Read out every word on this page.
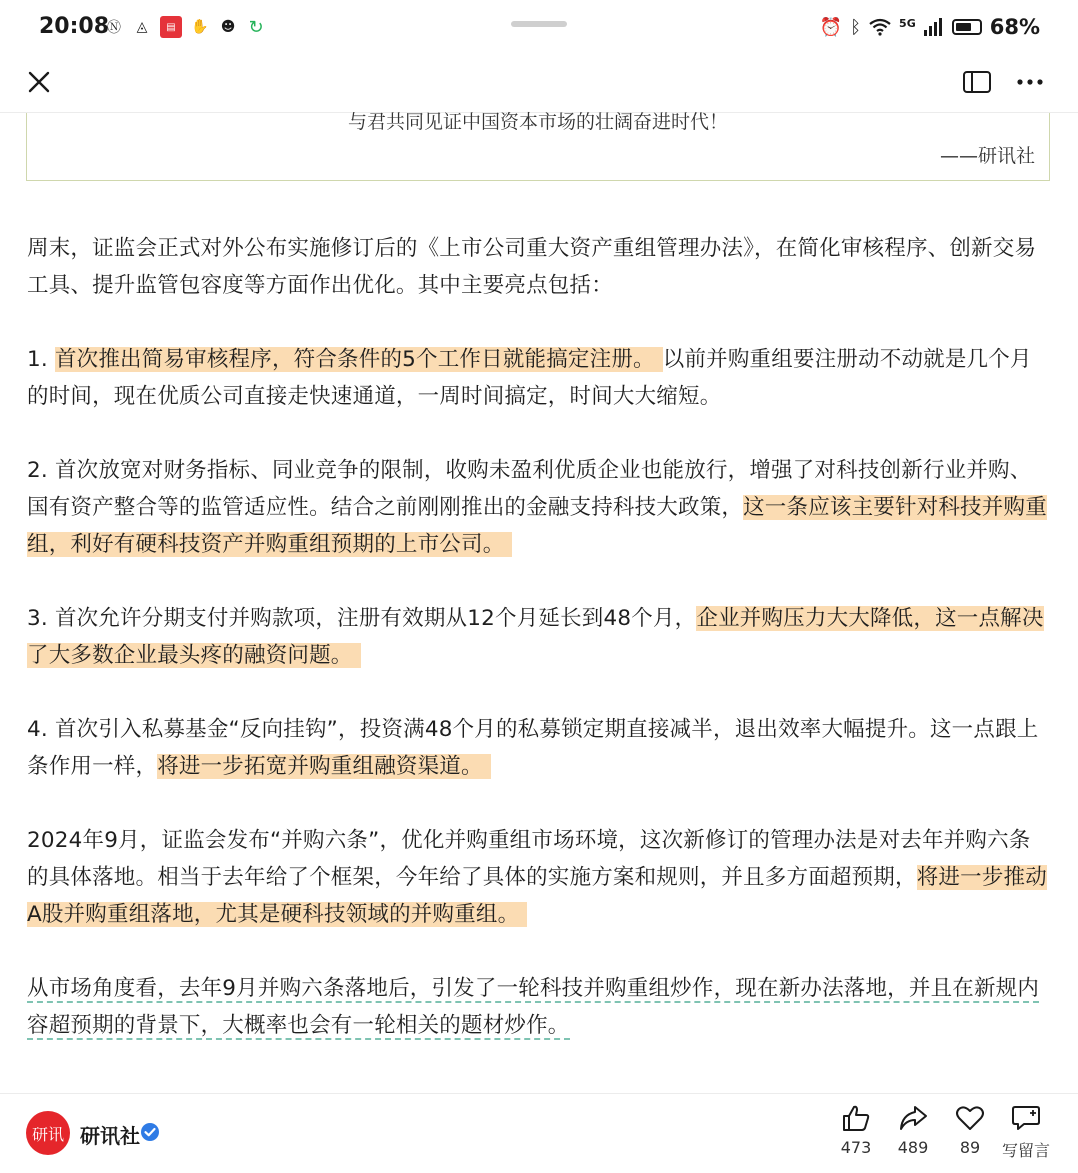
20:08
Ⓝ	◬	▤	✋ ☻ ↻	⏰ ᛒ	5G	68%
与君共同见证中国资本市场的壮阔奋进时代！
——研讯社

周末，证监会正式对外公布实施修订后的《上市公司重大资产重组管理办法》，在简化审核程序、创新交易工具、提升监管包容度等方面作出优化。其中主要亮点包括：

1. 首次推出简易审核程序，符合条件的5个工作日就能搞定注册。 以前并购重组要注册动不动就是几个月的时间，现在优质公司直接走快速通道，一周时间搞定，时间大大缩短。

2. 首次放宽对财务指标、同业竞争的限制，收购未盈利优质企业也能放行，增强了对科技创新行业并购、国有资产整合等的监管适应性。结合之前刚刚推出的金融支持科技大政策，这一条应该主要针对科技并购重组，利好有硬科技资产并购重组预期的上市公司。

3. 首次允许分期支付并购款项，注册有效期从12个月延长到48个月，企业并购压力大大降低，这一点解决了大多数企业最头疼的融资问题。

4. 首次引入私募基金“反向挂钩”，投资满48个月的私募锁定期直接减半，退出效率大幅提升。这一点跟上条作用一样，将进一步拓宽并购重组融资渠道。

2024年9月，证监会发布“并购六条”，优化并购重组市场环境，这次新修订的管理办法是对去年并购六条的具体落地。相当于去年给了个框架，今年给了具体的实施方案和规则，并且多方面超预期，将进一步推动A股并购重组落地，尤其是硬科技领域的并购重组。

从市场角度看，去年9月并购六条落地后，引发了一轮科技并购重组炒作，现在新办法落地，并且在新规内容超预期的背景下，大概率也会有一轮相关的题材炒作。

研讯 研讯社	473	489	89	写留言
